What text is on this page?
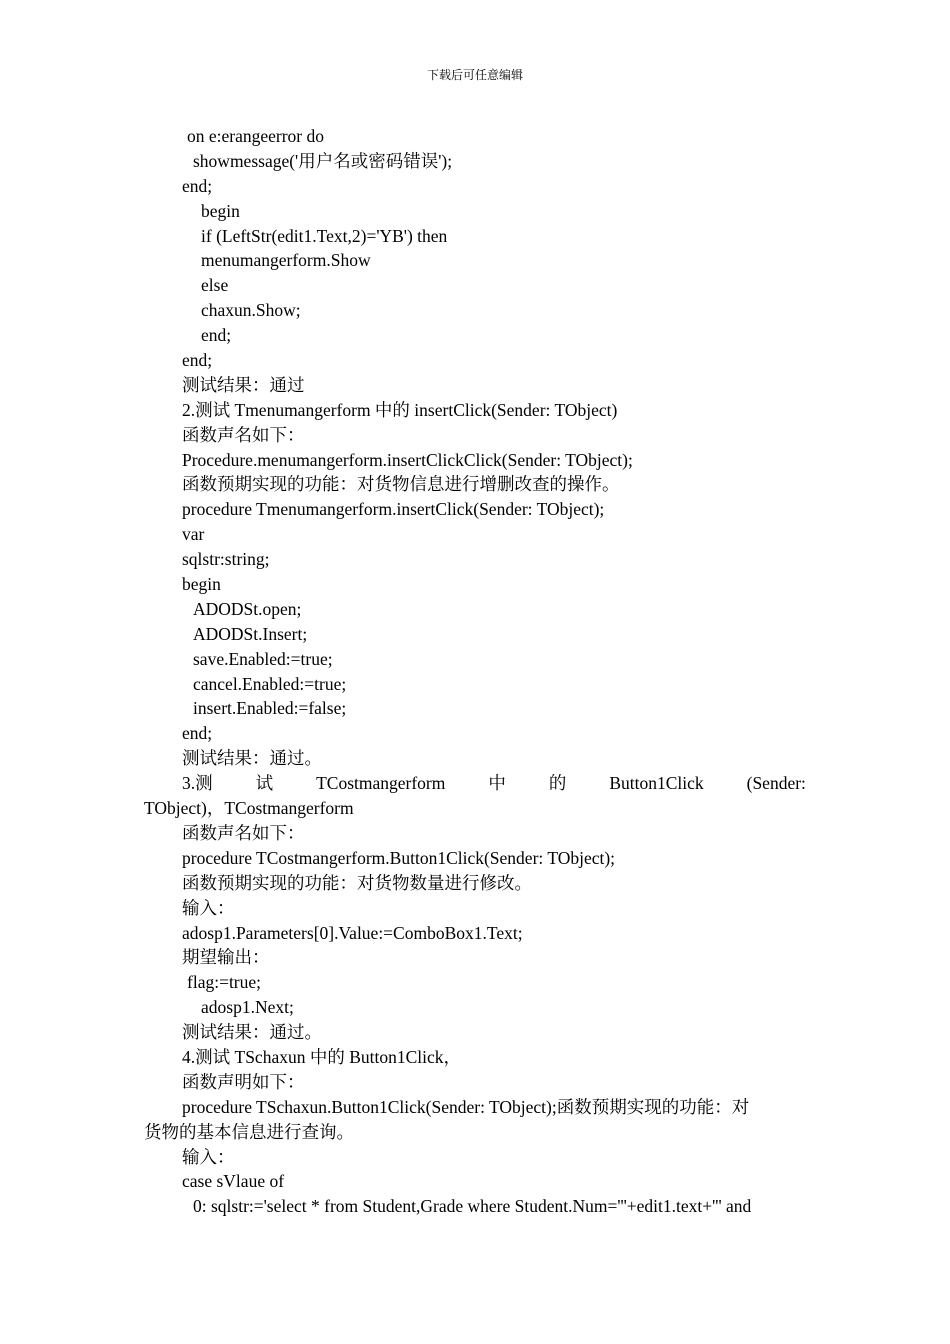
下载后可任意编辑
on e:erangeerror do
showmessage('用户名或密码错误');
end;
begin
if (LeftStr(edit1.Text,2)='YB') then
menumangerform.Show
else
chaxun.Show;
end;
end;
测试结果：通过
2.测试 Tmenumangerform 中的 insertClick(Sender: TObject)
函数声名如下：
Procedure.menumangerform.insertClickClick(Sender: TObject);
函数预期实现的功能：对货物信息进行增删改查的操作。
procedure Tmenumangerform.insertClick(Sender: TObject);
var
sqlstr:string;
begin
ADODSt.open;
ADODSt.Insert;
save.Enabled:=true;
cancel.Enabled:=true;
insert.Enabled:=false;
end;
测试结果：通过。
3.测 试 TCostmangerform 中 的 Button1Click (Sender:
TObject)，TCostmangerform
函数声名如下：
procedure TCostmangerform.Button1Click(Sender: TObject);
函数预期实现的功能：对货物数量进行修改。
输入：
adosp1.Parameters[0].Value:=ComboBox1.Text;
期望输出：
flag:=true;
adosp1.Next;
测试结果：通过。
4.测试 TSchaxun 中的 Button1Click，
函数声明如下：
procedure TSchaxun.Button1Click(Sender: TObject);函数预期实现的功能：对
货物的基本信息进行查询。
输入：
case sVlaue of
0: sqlstr:='select * from Student,Grade where Student.Num='''+edit1.text+''' and
